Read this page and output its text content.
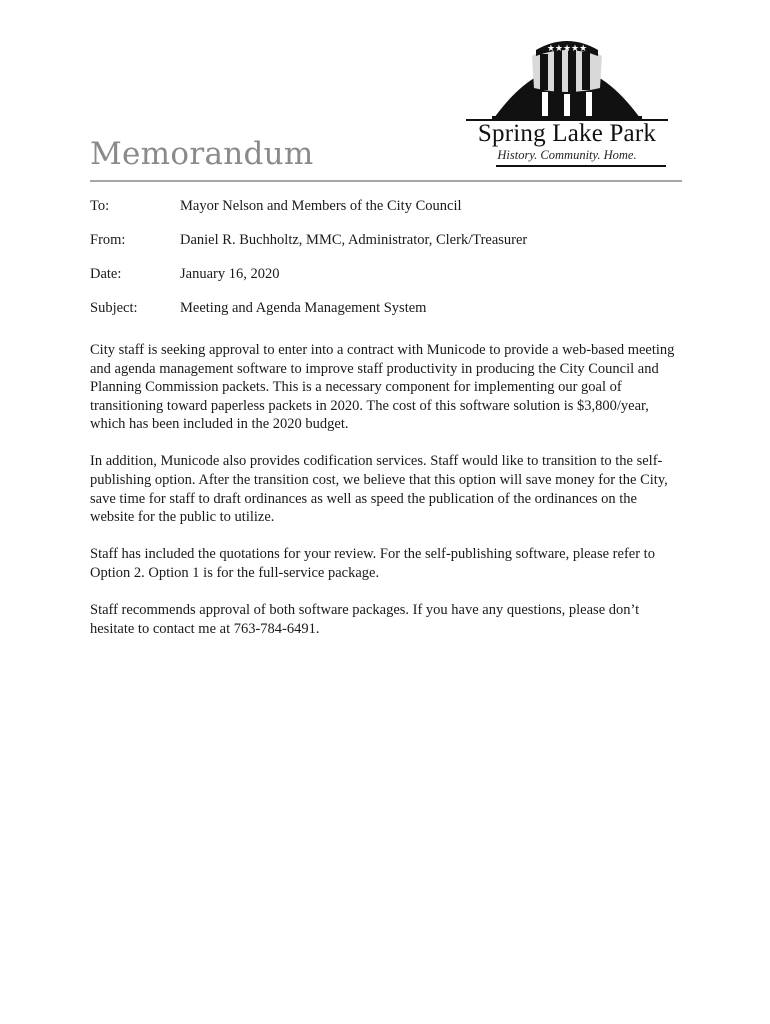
★★★★★
Spring Lake Park
History. Community. Home.
Memorandum
To:	Mayor Nelson and Members of the City Council
From:	Daniel R. Buchholtz, MMC, Administrator, Clerk/Treasurer
Date:	January 16, 2020
Subject:	Meeting and Agenda Management System

City staff is seeking approval to enter into a contract with Municode to provide a web-based meeting and agenda management software to improve staff productivity in producing the City Council and Planning Commission packets. This is a necessary component for implementing our goal of transitioning toward paperless packets in 2020. The cost of this software solution is $3,800/year, which has been included in the 2020 budget.

In addition, Municode also provides codification services. Staff would like to transition to the self-publishing option. After the transition cost, we believe that this option will save money for the City, save time for staff to draft ordinances as well as speed the publication of the ordinances on the website for the public to utilize.

Staff has included the quotations for your review. For the self-publishing software, please refer to Option 2. Option 1 is for the full-service package.

Staff recommends approval of both software packages. If you have any questions, please don’t hesitate to contact me at 763-784-6491.
